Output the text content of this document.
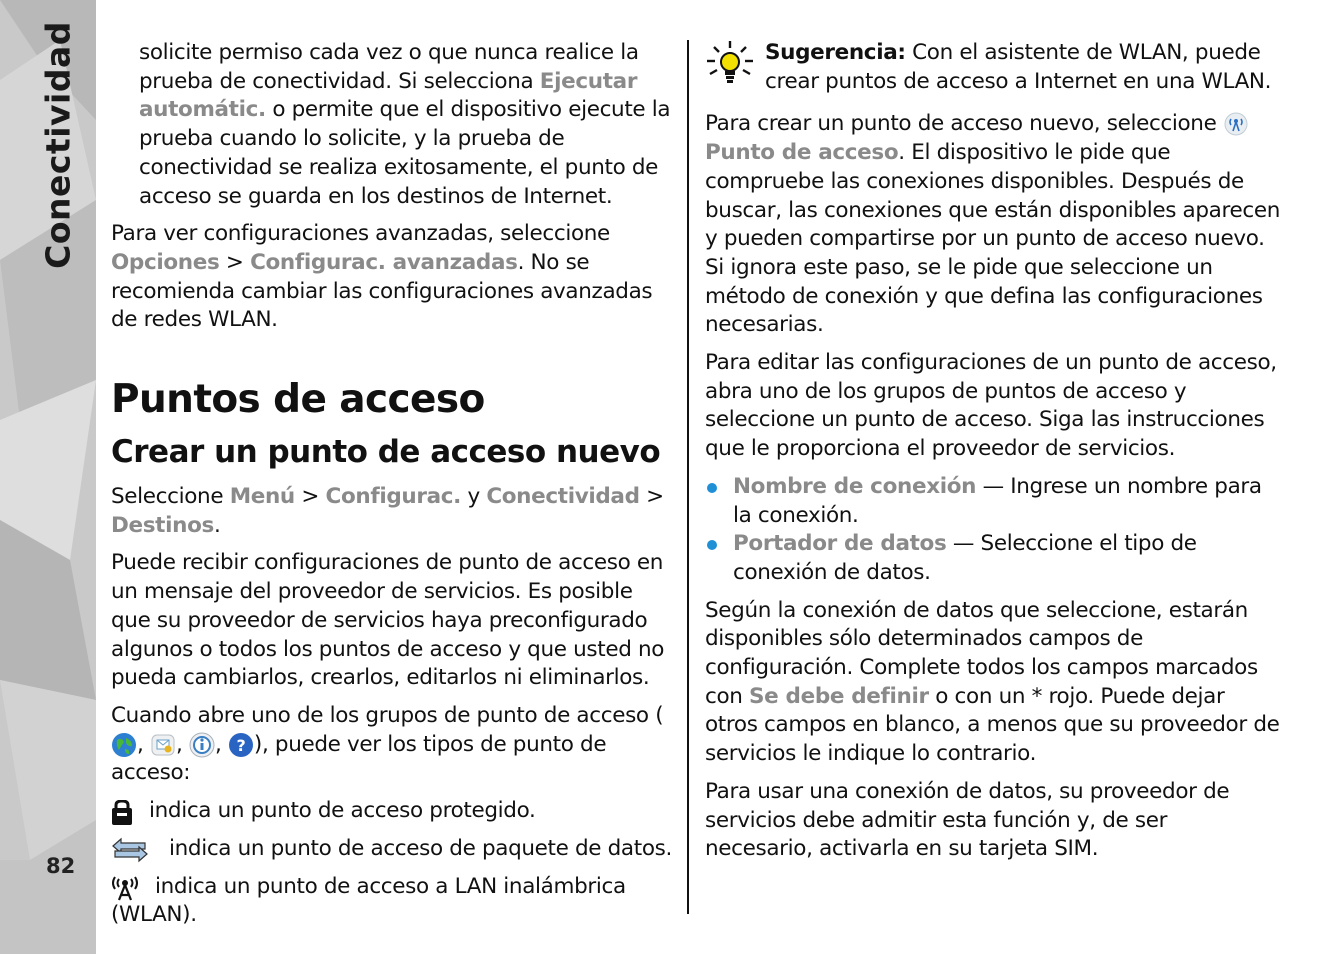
Conectividad
82

solicite permiso cada vez o que nunca realice la prueba de conectividad. Si selecciona Ejecutar automátic. o permite que el dispositivo ejecute la prueba cuando lo solicite, y la prueba de conectividad se realiza exitosamente, el punto de acceso se guarda en los destinos de Internet.

Para ver configuraciones avanzadas, seleccione Opciones > Configurac. avanzadas. No se recomienda cambiar las configuraciones avanzadas de redes WLAN.

Puntos de acceso
Crear un punto de acceso nuevo

Seleccione Menú > Configurac. y Conectividad > Destinos.

Puede recibir configuraciones de punto de acceso en un mensaje del proveedor de servicios. Es posible que su proveedor de servicios haya preconfigurado algunos o todos los puntos de acceso y que usted no pueda cambiarlos, crearlos, editarlos ni eliminarlos.

Cuando abre uno de los grupos de punto de acceso (, , , ? ), puede ver los tipos de punto de acceso:

indica un punto de acceso protegido.
indica un punto de acceso de paquete de datos.
indica un punto de acceso a LAN inalámbrica (WLAN).
Sugerencia: Con el asistente de WLAN, puede crear puntos de acceso a Internet en una WLAN.

Para crear un punto de acceso nuevo, seleccione
Punto de acceso. El dispositivo le pide que compruebe las conexiones disponibles. Después de buscar, las conexiones que están disponibles aparecen y pueden compartirse por un punto de acceso nuevo. Si ignora este paso, se le pide que seleccione un método de conexión y que defina las configuraciones necesarias.

Para editar las configuraciones de un punto de acceso, abra uno de los grupos de puntos de acceso y seleccione un punto de acceso. Siga las instrucciones que le proporciona el proveedor de servicios.

Nombre de conexión — Ingrese un nombre para la conexión.
Portador de datos — Seleccione el tipo de conexión de datos.

Según la conexión de datos que seleccione, estarán disponibles sólo determinados campos de configuración. Complete todos los campos marcados con Se debe definir o con un * rojo. Puede dejar otros campos en blanco, a menos que su proveedor de servicios le indique lo contrario.

Para usar una conexión de datos, su proveedor de servicios debe admitir esta función y, de ser necesario, activarla en su tarjeta SIM.
